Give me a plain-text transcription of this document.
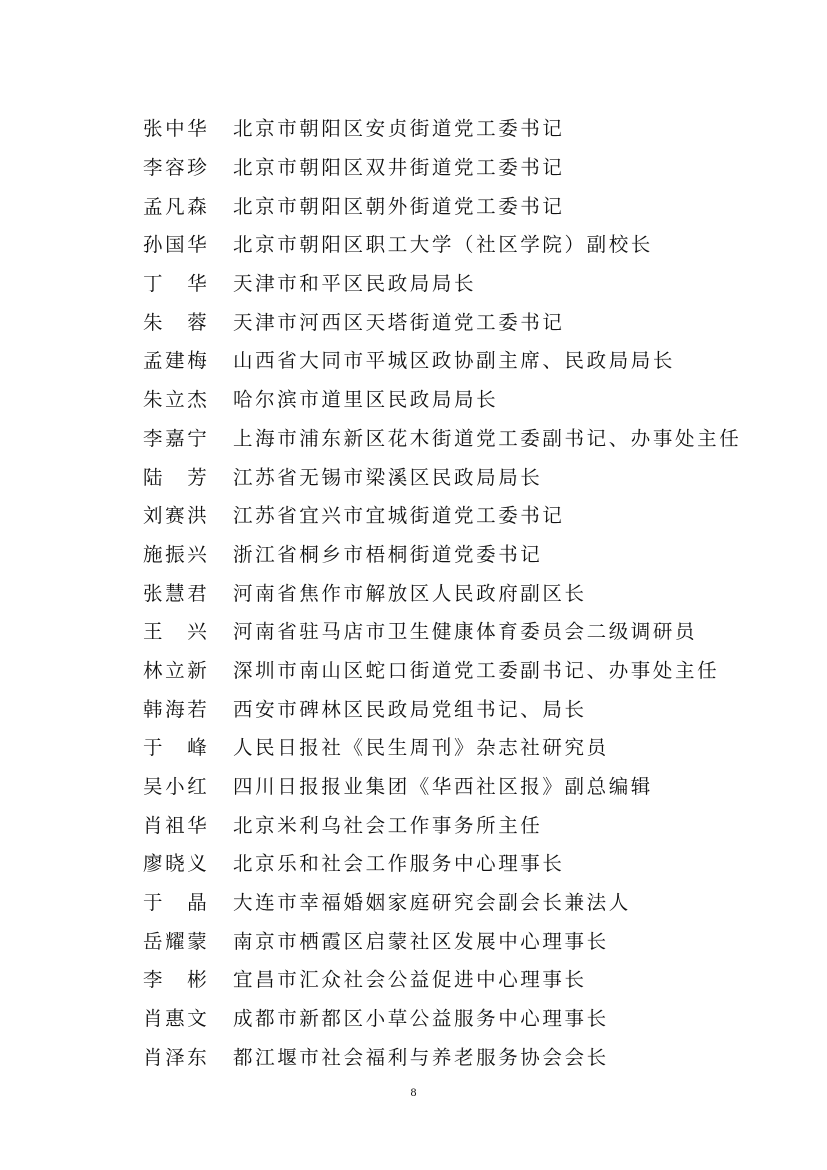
张中华	北京市朝阳区安贞街道党工委书记
李容珍	北京市朝阳区双井街道党工委书记
孟凡森	北京市朝阳区朝外街道党工委书记
孙国华	北京市朝阳区职工大学（社区学院）副校长
丁　华	天津市和平区民政局局长
朱　蓉	天津市河西区天塔街道党工委书记
孟建梅	山西省大同市平城区政协副主席、民政局局长
朱立杰	哈尔滨市道里区民政局局长
李嘉宁	上海市浦东新区花木街道党工委副书记、办事处主任
陆　芳	江苏省无锡市梁溪区民政局局长
刘赛洪	江苏省宜兴市宜城街道党工委书记
施振兴	浙江省桐乡市梧桐街道党委书记
张慧君	河南省焦作市解放区人民政府副区长
王　兴	河南省驻马店市卫生健康体育委员会二级调研员
林立新	深圳市南山区蛇口街道党工委副书记、办事处主任
韩海若	西安市碑林区民政局党组书记、局长
于　峰	人民日报社《民生周刊》杂志社研究员
吴小红	四川日报报业集团《华西社区报》副总编辑
肖祖华	北京米利乌社会工作事务所主任
廖晓义	北京乐和社会工作服务中心理事长
于　晶	大连市幸福婚姻家庭研究会副会长兼法人
岳耀蒙	南京市栖霞区启蒙社区发展中心理事长
李　彬	宜昌市汇众社会公益促进中心理事长
肖惠文	成都市新都区小草公益服务中心理事长
肖泽东	都江堰市社会福利与养老服务协会会长
8
